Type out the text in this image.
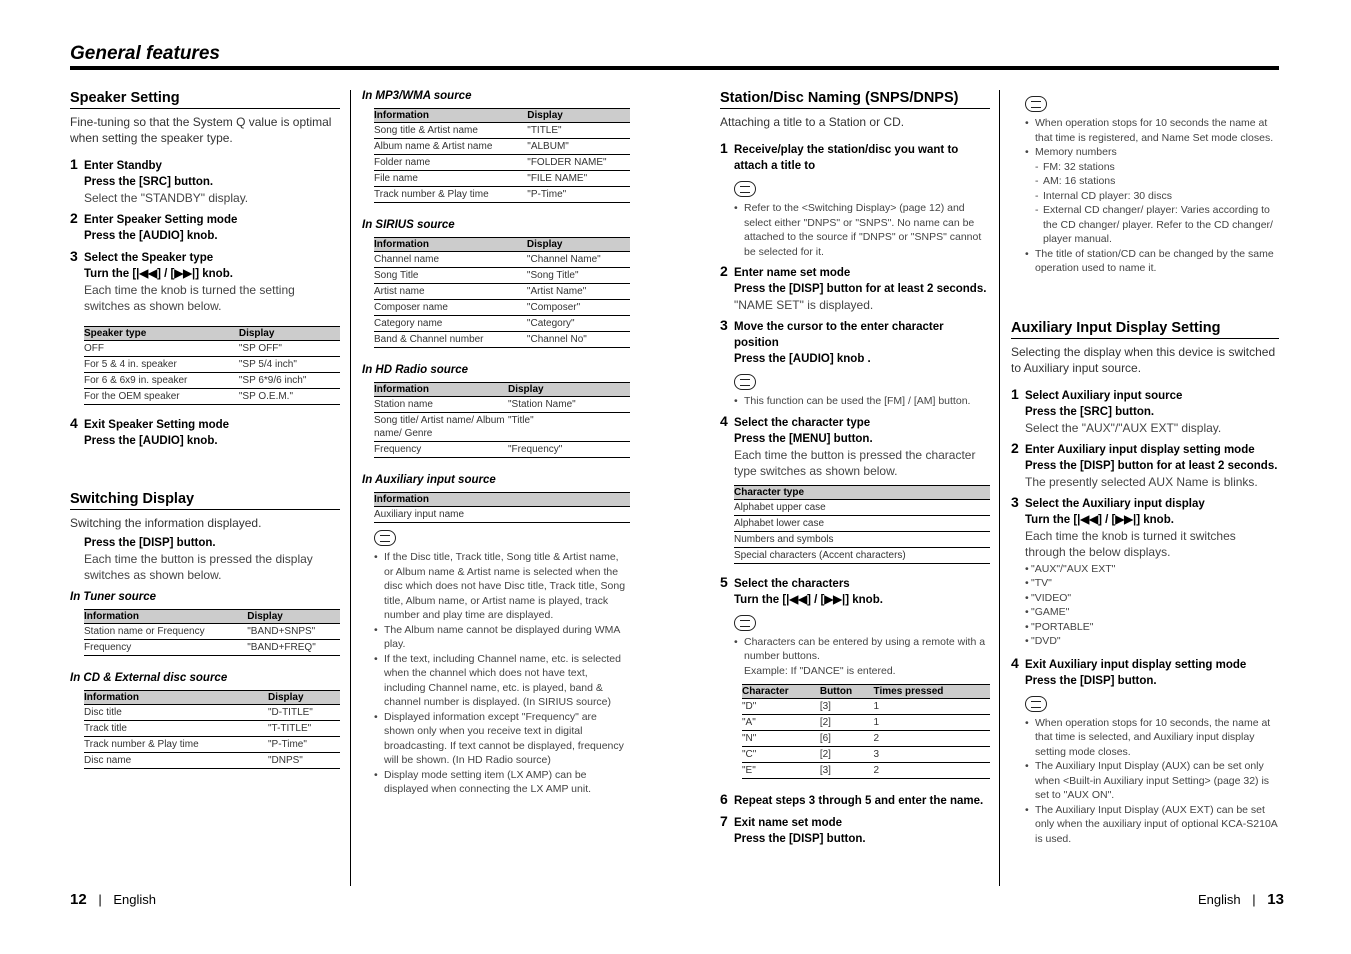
General features
Speaker Setting
Fine-tuning so that the System Q value is optimal when setting the speaker type.
1 Enter Standby
Press the [SRC] button.
Select the "STANDBY" display.
2 Enter Speaker Setting mode
Press the [AUDIO] knob.
3 Select the Speaker type
Turn the [|◀◀] / [▶▶|] knob.
Each time the knob is turned the setting switches as shown below.
Speaker type	Display
OFF	"SP OFF"
For 5 & 4 in. speaker	"SP 5/4 inch"
For 6 & 6x9 in. speaker	"SP 6*9/6 inch"
For the OEM speaker	"SP O.E.M."
4 Exit Speaker Setting mode
Press the [AUDIO] knob.
Switching Display
Switching the information displayed.
Press the [DISP] button.
Each time the button is pressed the display switches as shown below.
In Tuner source
Information	Display
Station name or Frequency	"BAND+SNPS"
Frequency	"BAND+FREQ"
In CD & External disc source
Information	Display
Disc title	"D-TITLE"
Track title	"T-TITLE"
Track number & Play time	"P-Time"
Disc name	"DNPS"
In MP3/WMA source
Information	Display
Song title & Artist name	"TITLE"
Album name & Artist name	"ALBUM"
Folder name	"FOLDER NAME"
File name	"FILE NAME"
Track number & Play time	"P-Time"
In SIRIUS source
Information	Display
Channel name	"Channel Name"
Song Title	"Song Title"
Artist name	"Artist Name"
Composer name	"Composer"
Category name	"Category"
Band & Channel number	"Channel No"
In HD Radio source
Information	Display
Station name	"Station Name"
Song title/ Artist name/ Album name/ Genre	"Title"
Frequency	"Frequency"
In Auxiliary input source
Information
Auxiliary input name
• If the Disc title, Track title, Song title & Artist name, or Album name & Artist name is selected when the disc which does not have Disc title, Track title, Song title, Album name, or Artist name is played, track number and play time are displayed.
• The Album name cannot be displayed during WMA play.
• If the text, including Channel name, etc. is selected when the channel which does not have text, including Channel name, etc. is played, band & channel number is displayed. (In SIRIUS source)
• Displayed information except "Frequency" are shown only when you receive text in digital broadcasting. If text cannot be displayed, frequency will be shown. (In HD Radio source)
• Display mode setting item (LX AMP) can be displayed when connecting the LX AMP unit.
Station/Disc Naming (SNPS/DNPS)
Attaching a title to a Station or CD.
1 Receive/play the station/disc you want to attach a title to
• Refer to the <Switching Display> (page 12) and select either "DNPS" or "SNPS". No name can be attached to the source if "DNPS" or "SNPS" cannot be selected for it.
2 Enter name set mode
Press the [DISP] button for at least 2 seconds.
"NAME SET" is displayed.
3 Move the cursor to the enter character position
Press the [AUDIO] knob .
• This function can be used the [FM] / [AM] button.
4 Select the character type
Press the [MENU] button.
Each time the button is pressed the character type switches as shown below.
Character type
Alphabet upper case
Alphabet lower case
Numbers and symbols
Special characters (Accent characters)
5 Select the characters
Turn the [|◀◀] / [▶▶|] knob.
• Characters can be entered by using a remote with a number buttons.
Example: If "DANCE" is entered.
Character	Button	Times pressed
"D"	[3]	1
"A"	[2]	1
"N"	[6]	2
"C"	[2]	3
"E"	[3]	2
6 Repeat steps 3 through 5 and enter the name.
7 Exit name set mode
Press the [DISP] button.
• When operation stops for 10 seconds the name at that time is registered, and Name Set mode closes.
• Memory numbers
- FM: 32 stations
- AM: 16 stations
- Internal CD player: 30 discs
- External CD changer/ player: Varies according to the CD changer/ player. Refer to the CD changer/ player manual.
• The title of station/CD can be changed by the same operation used to name it.
Auxiliary Input Display Setting
Selecting the display when this device is switched to Auxiliary input source.
1 Select Auxiliary input source
Press the [SRC] button.
Select the "AUX"/"AUX EXT" display.
2 Enter Auxiliary input display setting mode
Press the [DISP] button for at least 2 seconds.
The presently selected AUX Name is blinks.
3 Select the Auxiliary input display
Turn the [|◀◀] / [▶▶|] knob.
Each time the knob is turned it switches through the below displays.
• "AUX"/"AUX EXT"
• "TV"
• "VIDEO"
• "GAME"
• "PORTABLE"
• "DVD"
4 Exit Auxiliary input display setting mode
Press the [DISP] button.
• When operation stops for 10 seconds, the name at that time is selected, and Auxiliary input display setting mode closes.
• The Auxiliary Input Display (AUX) can be set only when <Built-in Auxiliary input Setting> (page 32) is set to "AUX ON".
• The Auxiliary Input Display (AUX EXT) can be set only when the auxiliary input of optional KCA-S210A is used.
12 | English	English | 13
